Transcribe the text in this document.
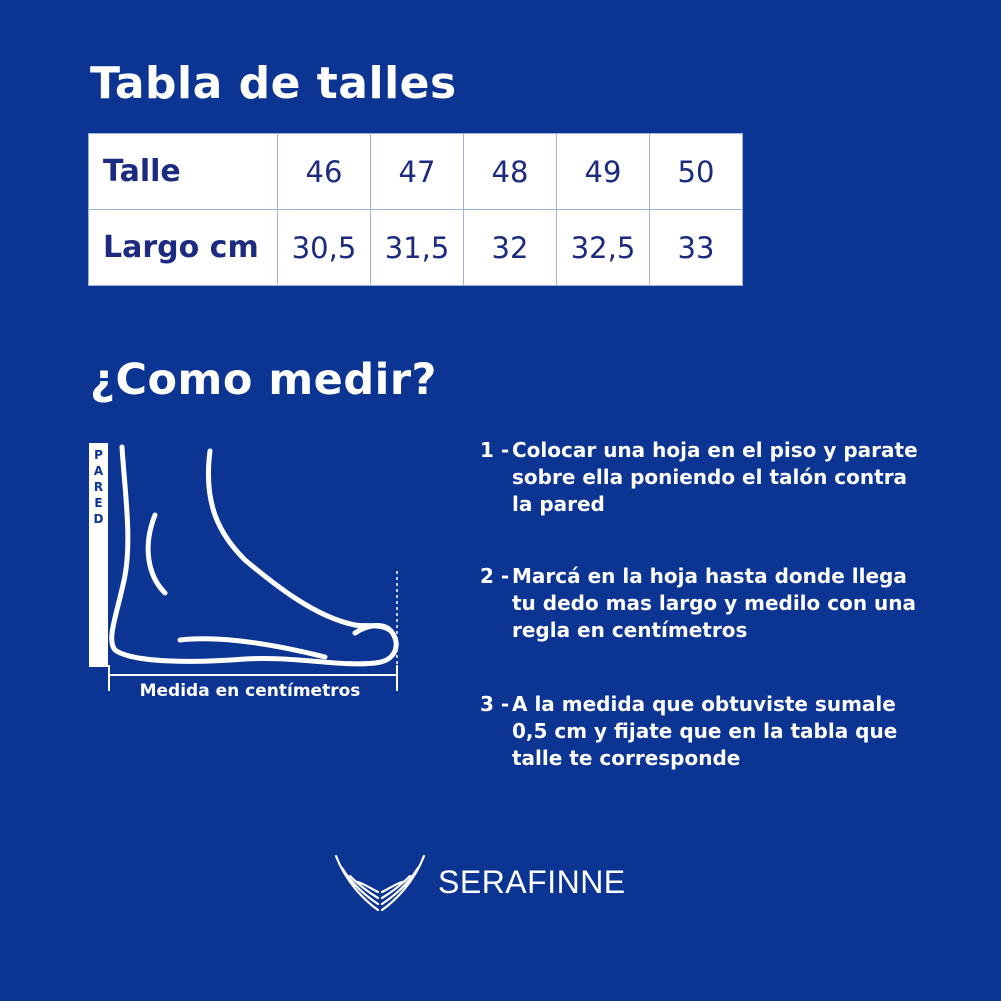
Tabla de talles
Talle	46	47	48	49	50
Largo cm	30,5	31,5	32	32,5	33
¿Como medir?
P
A
R
E
D
Medida en centímetros
1 - Colocar una hoja en el piso y parate
sobre ella poniendo el talón contra
la pared
2 - Marcá en la hoja hasta donde llega
tu dedo mas largo y medilo con una
regla en centímetros
3 - A la medida que obtuviste sumale
0,5 cm y fijate que en la tabla que
talle te corresponde
SERAFINNE
